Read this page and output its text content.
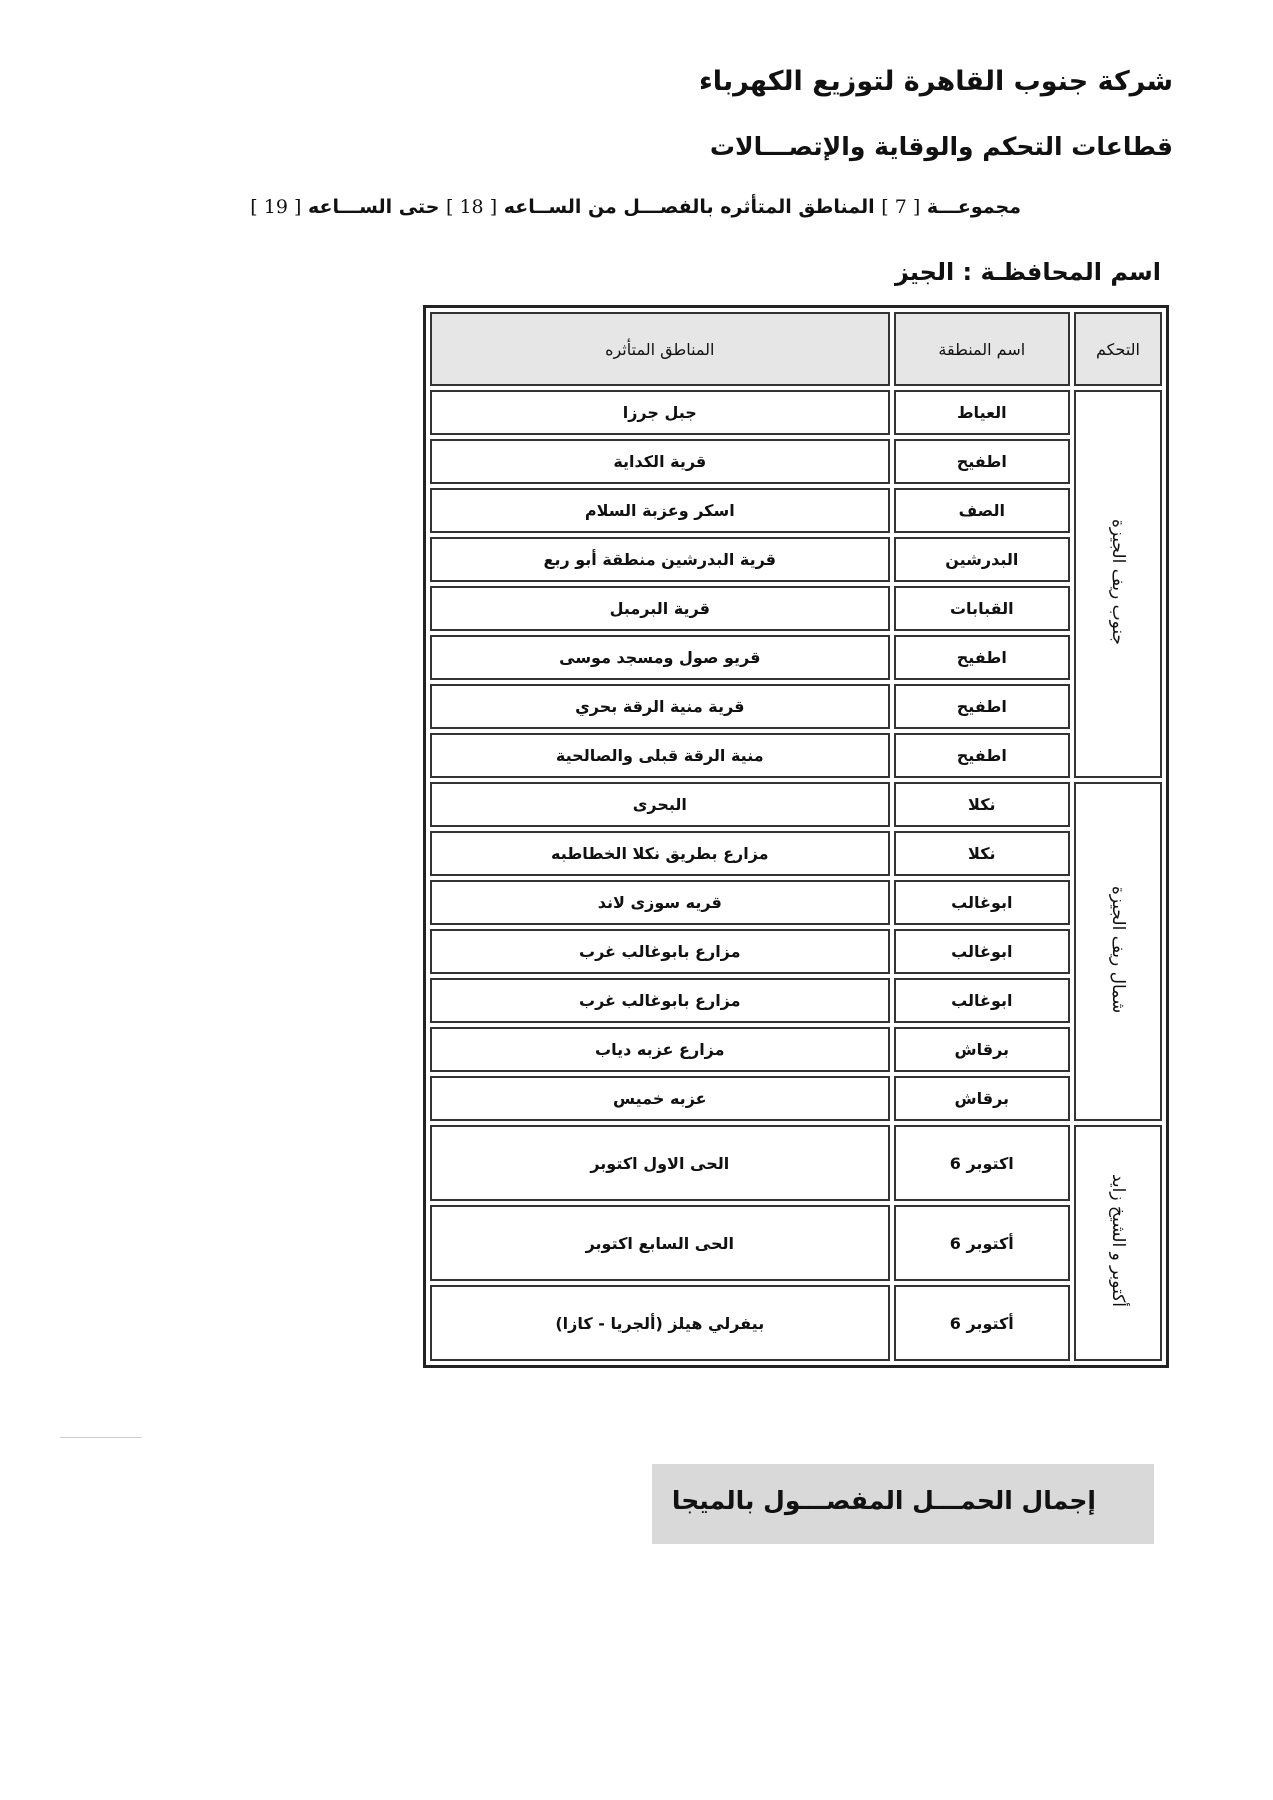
شركة جنوب القاهرة لتوزيع الكهرباء
قطاعات التحكم والوقاية والإتصـــالات
مجموعـــة [ 7 ] المناطق المتأثره بالفصـــل من الســاعه [ 18 ] حتى الســـاعه [ 19 ]
اسم المحافظـة : الجيز
التحكم	اسم المنطقة	المناطق المتأثره
جنوب ريف الجيزة	العياط	جبل جرزا
	اطفيح	قرية الكداية
	الصف	اسكر وعزبة السلام
	البدرشين	قرية البدرشين منطقة أبو ربع
	القبابات	قرية البرمبل
	اطفيح	قريو صول ومسجد موسى
	اطفيح	قرية منية الرقة بحري
	اطفيح	منية الرقة قبلى والصالحية
شمال ريف الجيزة	نكلا	البحرى
	نكلا	مزارع بطريق نكلا الخطاطبه
	ابوغالب	قريه سوزى لاند
	ابوغالب	مزارع بابوغالب غرب
	ابوغالب	مزارع بابوغالب غرب
	برقاش	مزارع عزبه دياب
	برقاش	عزبه خميس
أكتوبر و الشيخ زايد	اكتوبر 6	الحى الاول اكتوبر
	أكتوبر 6	الحى السابع اكتوبر
	أكتوبر 6	بيفرلي هيلز (ألجريا - كازا)
إجمال الحمـــل المفصـــول بالميجا
